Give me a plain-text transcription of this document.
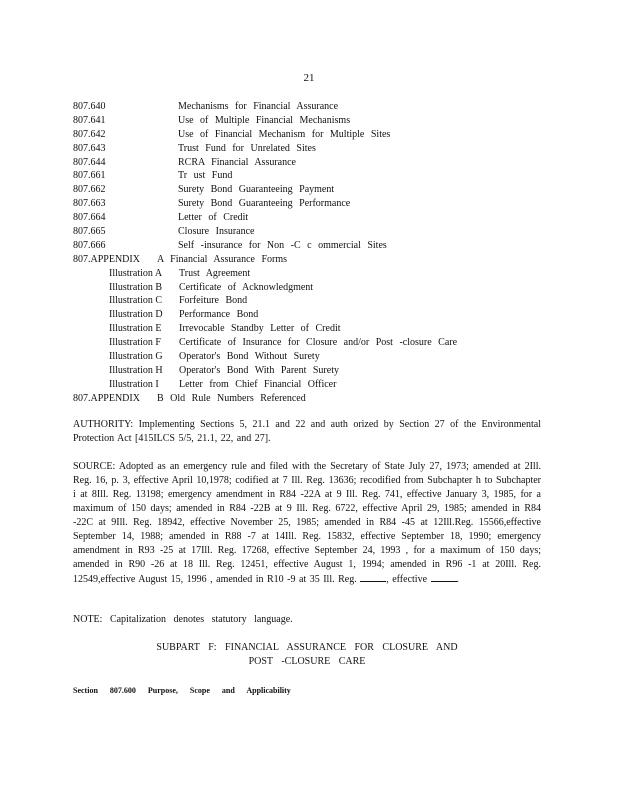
21
807.640	Mechanisms for Financial Assurance
807.641	Use of Multiple Financial Mechanisms
807.642	Use of Financial Mechanism for Multiple Sites
807.643	Trust Fund for Unrelated Sites
807.644	RCRA Financial Assurance
807.661	Tr ust Fund
807.662	Surety Bond Guaranteeing Payment
807.663	Surety Bond Guaranteeing Performance
807.664	Letter of Credit
807.665	Closure Insurance
807.666	Self -insurance for Non -C c ommercial Sites
807.APPENDIX A Financial Assurance Forms
Illustration A Trust Agreement
Illustration B Certificate of Acknowledgment
Illustration C Forfeiture Bond
Illustration D Performance Bond
Illustration E Irrevocable Standby Letter of Credit
Illustration F Certificate of Insurance for Closure and/or Post -closure Care
Illustration G Operator's Bond Without Surety
Illustration H Operator's Bond With Parent Surety
Illustration I Letter from Chief Financial Officer
807.APPENDIX B Old Rule Numbers Referenced
AUTHORITY: Implementing Sections 5, 21.1 and 22 and auth orized by Section 27 of the Environmental Protection Act [415ILCS 5/5, 21.1, 22, and 27].
SOURCE: Adopted as an emergency rule and filed with the Secretary of State July 27, 1973; amended at 2Ill. Reg. 16, p. 3, effective April 10,1978; codified at 7 Ill. Reg. 13636; recodified from Subchapter h to Subchapter i at 8Ill. Reg. 13198; emergency amendment in R84 -22A at 9 Ill. Reg. 741, effective January 3, 1985, for a maximum of 150 days; amended in R84 -22B at 9 Ill. Reg. 6722, effective April 29, 1985; amended in R84 -22C at 9Ill. Reg. 18942, effective November 25, 1985; amended in R84 -45 at 12Ill.Reg. 15566,effective September 14, 1988; amended in R88 -7 at 14Ill. Reg. 15832, effective September 18, 1990; emergency amendment in R93 -25 at 17Ill. Reg. 17268, effective September 24, 1993 , for a maximum of 150 days; amended in R90 -26 at 18 Ill. Reg. 12451, effective August 1, 1994; amended in R96 -1 at 20Ill. Reg. 12549,effective August 15, 1996 , amended in R10 -9 at 35 Ill. Reg.	, effective	.
NOTE: Capitalization denotes statutory language.
SUBPART F: FINANCIAL ASSURANCE FOR CLOSURE AND
POST -CLOSURE CARE
Section 807.600 Purpose, Scope and Applicability
